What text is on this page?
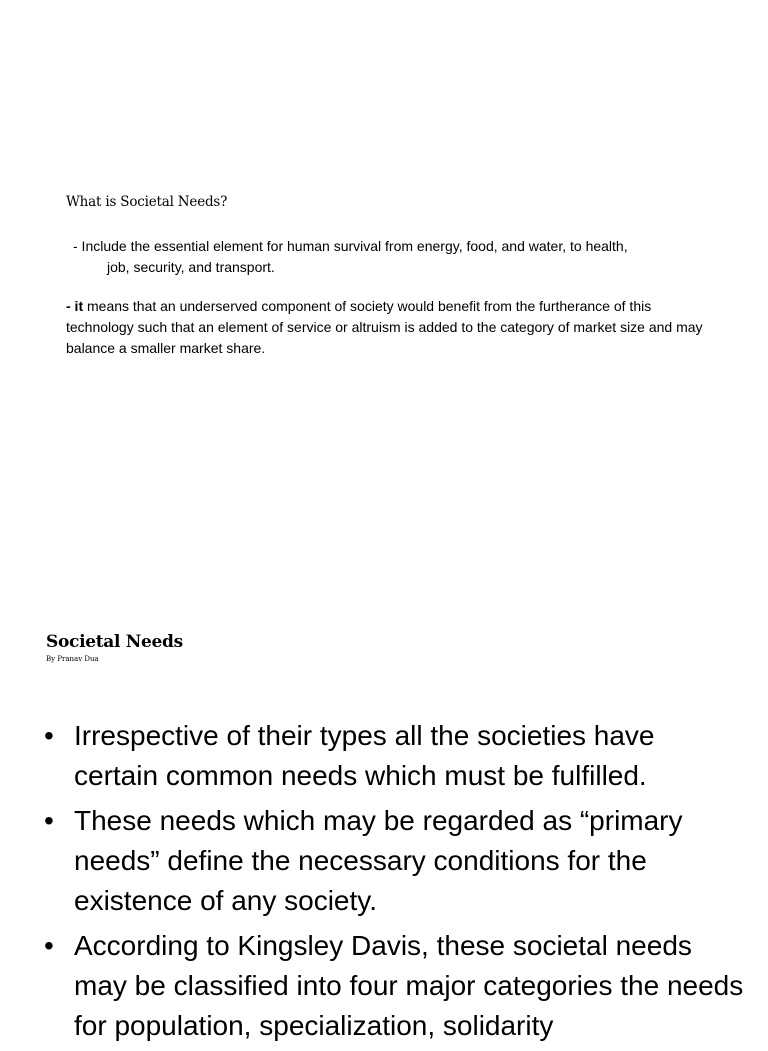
What is Societal Needs?
- Include the essential element for human survival from energy, food, and water, to health,
job, security, and transport.
- it means that an underserved component of society would benefit from the furtherance of this technology such that an element of service or altruism is added to the category of market size and may balance a smaller market share.
Societal Needs
By Pranav Dua
• Irrespective of their types all the societies have certain common needs which must be fulfilled.
• These needs which may be regarded as “primary needs” define the necessary conditions for the existence of any society.
• According to Kingsley Davis, these societal needs may be classified into four major categories the needs for population, specialization, solidarity
